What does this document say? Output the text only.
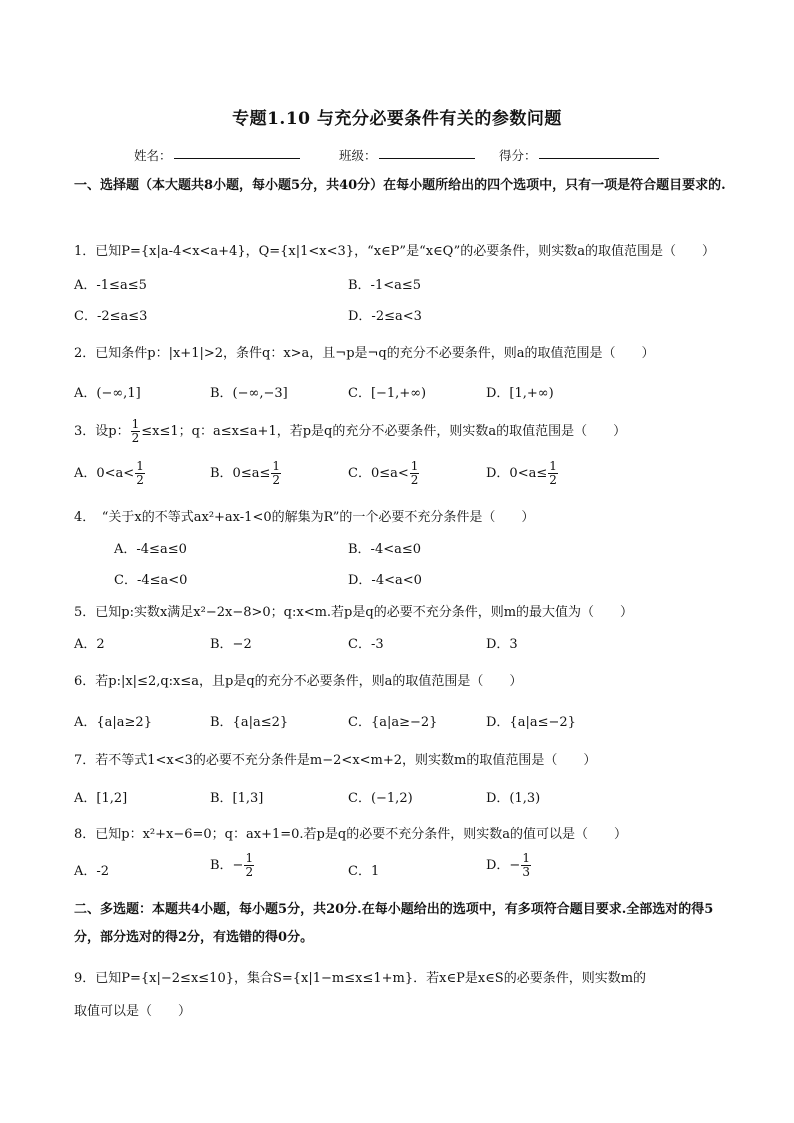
专题1.10 与充分必要条件有关的参数问题
姓名：	班级：	得分：
一、选择题（本大题共8小题，每小题5分，共40分）在每小题所给出的四个选项中，只有一项是符合题目要求的.
1．已知P={x|a-4<x<a+4}，Q={x|1<x<3}，“x∈P”是“x∈Q”的必要条件，则实数a的取值范围是（　　）
A．-1≤a≤5	B．-1<a≤5
C．-2≤a≤3	D．-2≤a<3
2．已知条件p：|x+1|>2，条件q：x>a，且¬p是¬q的充分不必要条件，则a的取值范围是（　　）
A．(−∞,1]	B．(−∞,−3]	C．[−1,+∞)	D．[1,+∞)
3．设p： $\frac{1}{2} \le x\le 1$；q：a≤x≤a+1，若p是q的充分不必要条件，则实数a的取值范围是（　　）
A．$0<a< \frac{1}{2}$	B．$0\le a\le \frac{1}{2}$	C．$0\le a< \frac{1}{2}$	D．$0<a\le \frac{1}{2}$
4．　“关于x的不等式ax²+ax-1<0的解集为R”的一个必要不充分条件是（　　）
A．-4≤a≤0	B．-4<a≤0
C．-4≤a<0	D．-4<a<0
5．已知p:实数x满足x²−2x−8>0；q:x<m.若p是q的必要不充分条件，则m的最大值为（　　）
A．2	B．−2	C．-3	D．3
6．若p:|x|≤2,q:x≤a，且p是q的充分不必要条件，则a的取值范围是（　　）
A．{a|a≥2}	B．{a|a≤2}	C．{a|a≥−2}	D．{a|a≤−2}
7．若不等式1<x<3的必要不充分条件是m−2<x<m+2，则实数m的取值范围是（　　）
A．[1,2]	B．[1,3]	C．(−1,2)	D．(1,3)
8．已知p：x²+x−6=0；q：ax+1=0.若p是q的必要不充分条件，则实数a的值可以是（　　）
A．-2	B．− $\frac{1}{2}$	C．1	D．− $\frac{1}{3}$
二、多选题：本题共4小题，每小题5分，共20分.在每小题给出的选项中，有多项符合题目要求.全部选对的得5分，部分选对的得2分，有选错的得0分。
9．已知P={x|−2≤x≤10}，集合S={x|1−m≤x≤1+m}．若x∈P是x∈S的必要条件，则实数m的
取值可以是（　　）
